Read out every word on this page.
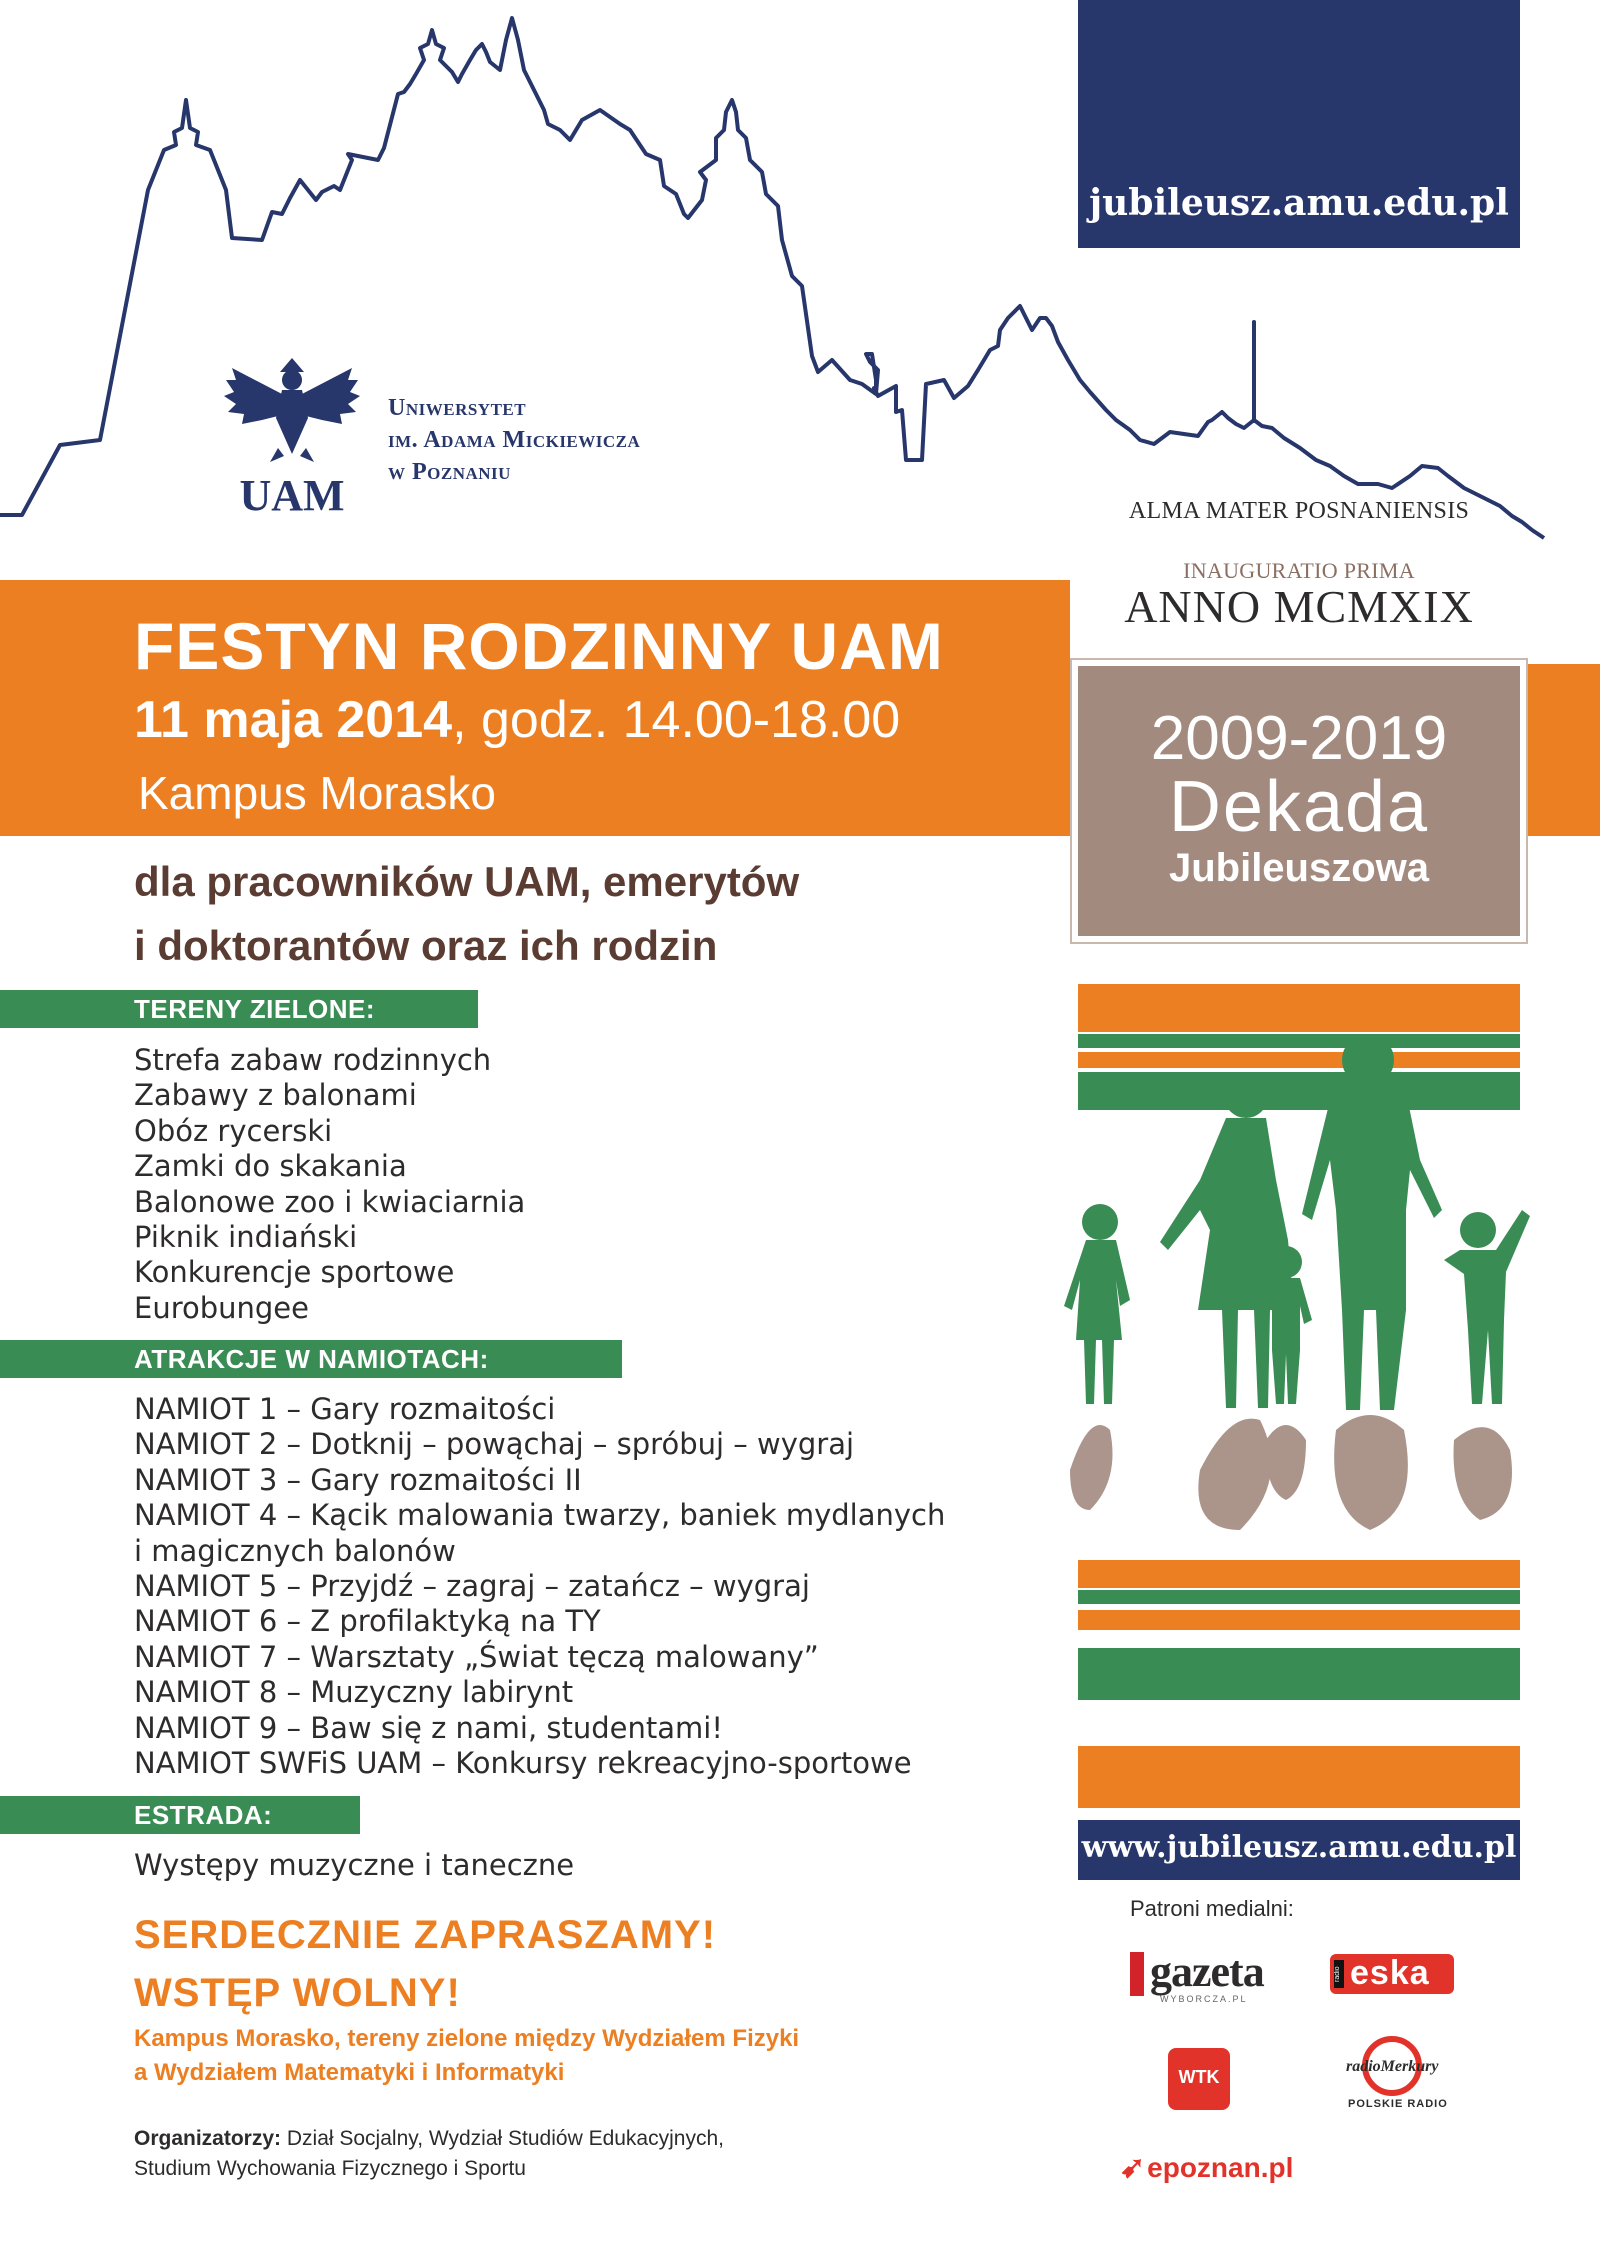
jubileusz.amu.edu.pl
UAM
Uniwersytet
im. Adama Mickiewicza
w Poznaniu
ALMA MATER POSNANIENSIS
INAUGURATIO PRIMA
ANNO MCMXIX
2009-2019
Dekada
Jubileuszowa
www.jubileusz.amu.edu.pl
FESTYN RODZINNY UAM
11 maja 2014, godz. 14.00-18.00
Kampus Morasko
dla pracowników UAM, emerytów
i doktorantów oraz ich rodzin
TERENY ZIELONE:
Strefa zabaw rodzinnych
Zabawy z balonami
Obóz rycerski
Zamki do skakania
Balonowe zoo i kwiaciarnia
Piknik indiański
Konkurencje sportowe
Eurobungee
ATRAKCJE W NAMIOTACH:
NAMIOT 1 – Gary rozmaitości
NAMIOT 2 – Dotknij – powąchaj – spróbuj – wygraj
NAMIOT 3 – Gary rozmaitości II
NAMIOT 4 – Kącik malowania twarzy, baniek mydlanych
i magicznych balonów
NAMIOT 5 – Przyjdź – zagraj – zatańcz – wygraj
NAMIOT 6 – Z profilaktyką na TY
NAMIOT 7 – Warsztaty „Świat tęczą malowany”
NAMIOT 8 – Muzyczny labirynt
NAMIOT 9 – Baw się z nami, studentami!
NAMIOT SWFiS UAM – Konkursy rekreacyjno-sportowe
ESTRADA:
Występy muzyczne i taneczne
SERDECZNIE ZAPRASZAMY!
WSTĘP WOLNY!
Kampus Morasko, tereny zielone między Wydziałem Fizyki
a Wydziałem Matematyki i Informatyki
Organizatorzy: Dział Socjalny, Wydział Studiów Edukacyjnych,
Studium Wychowania Fizycznego i Sportu
Patroni medialni:
gazeta
WYBORCZA.PL
radio eska
WTK
radioMerkury
POLSKIE RADIO
➹epoznan.pl
